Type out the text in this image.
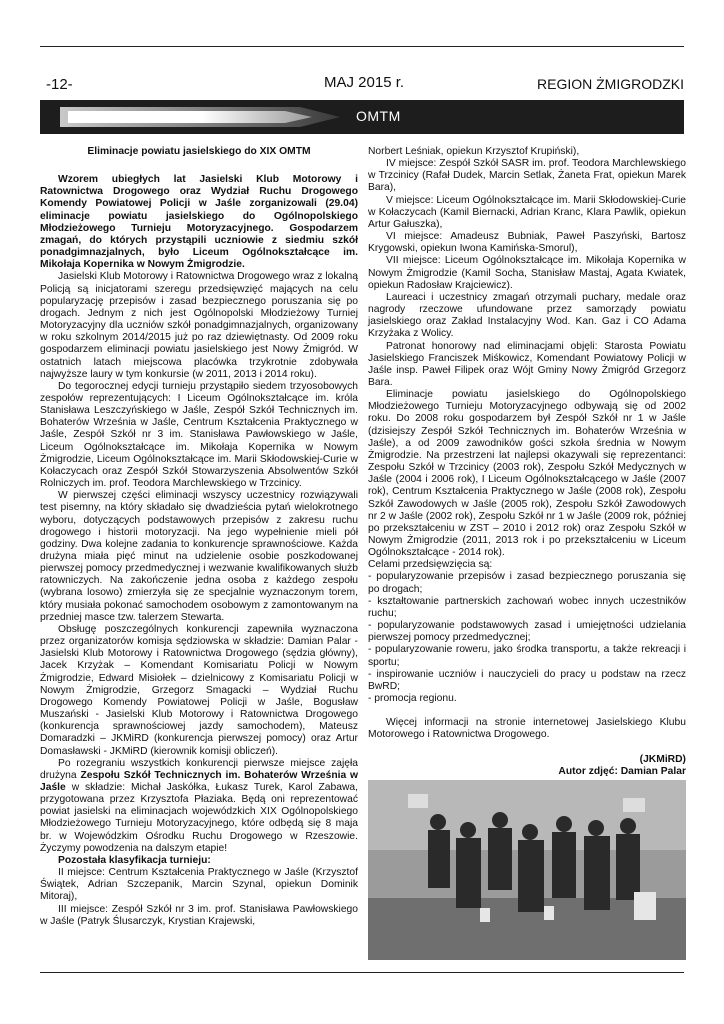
-12-	MAJ 2015 r.	REGION ŻMIGRODZKI
OMTM
Eliminacje powiatu jasielskiego do XIX OMTM
Wzorem ubiegłych lat Jasielski Klub Motorowy i Ratownictwa Drogowego oraz Wydział Ruchu Drogowego Komendy Powiatowej Policji w Jaśle zorganizowali (29.04) eliminacje powiatu jasielskiego do Ogólnopolskiego Młodzieżowego Turnieju Motoryzacyjnego. Gospodarzem zmagań, do których przystąpili uczniowie z siedmiu szkół ponadgimnazjalnych, było Liceum Ogólnokształcące im. Mikołaja Kopernika w Nowym Żmigrodzie.
Jasielski Klub Motorowy i Ratownictwa Drogowego wraz z lokalną Policją są inicjatorami szeregu przedsięwzięć mających na celu popularyzację przepisów i zasad bezpiecznego poruszania się po drogach. Jednym z nich jest Ogólnopolski Młodzieżowy Turniej Motoryzacyjny dla uczniów szkół ponadgimnazjalnych, organizowany w roku szkolnym 2014/2015 już po raz dziewiętnasty. Od 2009 roku gospodarzem eliminacji powiatu jasielskiego jest Nowy Żmigród. W ostatnich latach miejscowa placówka trzykrotnie zdobywała najwyższe laury w tym konkursie (w 2011, 2013 i 2014 roku).
Do tegorocznej edycji turnieju przystąpiło siedem trzyosobowych zespołów reprezentujących: I Liceum Ogólnokształcące im. króla Stanisława Leszczyńskiego w Jaśle, Zespół Szkół Technicznych im. Bohaterów Września w Jaśle, Centrum Kształcenia Praktycznego w Jaśle, Zespół Szkół nr 3 im. Stanisława Pawłowskiego w Jaśle, Liceum Ogólnokształcące im. Mikołaja Kopernika w Nowym Żmigrodzie, Liceum Ogólnokształcące im. Marii Skłodowskiej-Curie w Kołaczycach oraz Zespół Szkół Stowarzyszenia Absolwentów Szkół Rolniczych im. prof. Teodora Marchlewskiego w Trzcinicy.
W pierwszej części eliminacji wszyscy uczestnicy rozwiązywali test pisemny, na który składało się dwadzieścia pytań wielokrotnego wyboru, dotyczących podstawowych przepisów z zakresu ruchu drogowego i historii motoryzacji. Na jego wypełnienie mieli pół godziny. Dwa kolejne zadania to konkurencje sprawnościowe. Każda drużyna miała pięć minut na udzielenie osobie poszkodowanej pierwszej pomocy przedmedycznej i wezwanie kwalifikowanych służb ratowniczych. Na zakończenie jedna osoba z każdego zespołu (wybrana losowo) zmierzyła się ze specjalnie wyznaczonym torem, który musiała pokonać samochodem osobowym z zamontowanym na przedniej masce tzw. talerzem Stewarta.
Obsługę poszczególnych konkurencji zapewniła wyznaczona przez organizatorów komisja sędziowska w składzie: Damian Palar - Jasielski Klub Motorowy i Ratownictwa Drogowego (sędzia główny), Jacek Krzyżak – Komendant Komisariatu Policji w Nowym Żmigrodzie, Edward Misiołek – dzielnicowy z Komisariatu Policji w Nowym Żmigrodzie, Grzegorz Smagacki – Wydział Ruchu Drogowego Komendy Powiatowej Policji w Jaśle, Bogusław Muszański - Jasielski Klub Motorowy i Ratownictwa Drogowego (konkurencja sprawnościowej jazdy samochodem), Mateusz Domaradzki – JKMiRD (konkurencja pierwszej pomocy) oraz Artur Domasławski - JKMiRD (kierownik komisji obliczeń).
Po rozegraniu wszystkich konkurencji pierwsze miejsce zajęła drużyna Zespołu Szkół Technicznych im. Bohaterów Września w Jaśle w składzie: Michał Jaskółka, Łukasz Turek, Karol Zabawa, przygotowana przez Krzysztofa Płaziaka. Będą oni reprezentować powiat jasielski na eliminacjach wojewódzkich XIX Ogólnopolskiego Młodzieżowego Turnieju Motoryzacyjnego, które odbędą się 8 maja br. w Wojewódzkim Ośrodku Ruchu Drogowego w Rzeszowie. Życzymy powodzenia na dalszym etapie!
Pozostała klasyfikacja turnieju:
II miejsce: Centrum Kształcenia Praktycznego w Jaśle (Krzysztof Świątek, Adrian Szczepanik, Marcin Szynal, opiekun Dominik Mitoraj),
III miejsce: Zespół Szkół nr 3 im. prof. Stanisława Pawłowskiego w Jaśle (Patryk Ślusarczyk, Krystian Krajewski,
Norbert Leśniak, opiekun Krzysztof Krupiński),
IV miejsce: Zespół Szkół SASR im. prof. Teodora Marchlewskiego w Trzcinicy (Rafał Dudek, Marcin Setlak, Żaneta Frat, opiekun Marek Bara),
V miejsce: Liceum Ogólnokształcące im. Marii Skłodowskiej-Curie w Kołaczycach (Kamil Biernacki, Adrian Kranc, Klara Pawlik, opiekun Artur Gałuszka),
VI miejsce: Amadeusz Bubniak, Paweł Paszyński, Bartosz Krygowski, opiekun Iwona Kamińska-Smorul),
VII miejsce: Liceum Ogólnokształcące im. Mikołaja Kopernika w Nowym Żmigrodzie (Kamil Socha, Stanisław Mastaj, Agata Kwiatek, opiekun Radosław Krajciewicz).
Laureaci i uczestnicy zmagań otrzymali puchary, medale oraz nagrody rzeczowe ufundowane przez samorządy powiatu jasielskiego oraz Zakład Instalacyjny Wod. Kan. Gaz i CO Adama Krzyżaka z Wolicy.
Patronat honorowy nad eliminacjami objęli: Starosta Powiatu Jasielskiego Franciszek Miśkowicz, Komendant Powiatowy Policji w Jaśle insp. Paweł Filipek oraz Wójt Gminy Nowy Żmigród Grzegorz Bara.
Eliminacje powiatu jasielskiego do Ogólnopolskiego Młodzieżowego Turnieju Motoryzacyjnego odbywają się od 2002 roku. Do 2008 roku gospodarzem był Zespół Szkół nr 1 w Jaśle (dzisiejszy Zespół Szkół Technicznych im. Bohaterów Września w Jaśle), a od 2009 zawodników gości szkoła średnia w Nowym Żmigrodzie. Na przestrzeni lat najlepsi okazywali się reprezentanci: Zespołu Szkół w Trzcinicy (2003 rok), Zespołu Szkół Medycznych w Jaśle (2004 i 2006 rok), I Liceum Ogólnokształcącego w Jaśle (2007 rok), Centrum Kształcenia Praktycznego w Jaśle (2008 rok), Zespołu Szkół Zawodowych w Jaśle (2005 rok), Zespołu Szkół Zawodowych nr 2 w Jaśle (2002 rok), Zespołu Szkół nr 1 w Jaśle (2009 rok, później po przekształceniu w ZST – 2010 i 2012 rok) oraz Zespołu Szkół w Nowym Żmigrodzie (2011, 2013 rok i po przekształceniu w Liceum Ogólnokształcące - 2014 rok).
Celami przedsięwzięcia są:
- popularyzowanie przepisów i zasad bezpiecznego poruszania się po drogach;
- kształtowanie partnerskich zachowań wobec innych uczestników ruchu;
- popularyzowanie podstawowych zasad i umiejętności udzielania pierwszej pomocy przedmedycznej;
- popularyzowanie roweru, jako środka transportu, a także rekreacji i sportu;
- inspirowanie uczniów i nauczycieli do pracy u podstaw na rzecz BwRD;
- promocja regionu.
Więcej informacji na stronie internetowej Jasielskiego Klubu Motorowego i Ratownictwa Drogowego.
(JKMiRD)
Autor zdjęć: Damian Palar
